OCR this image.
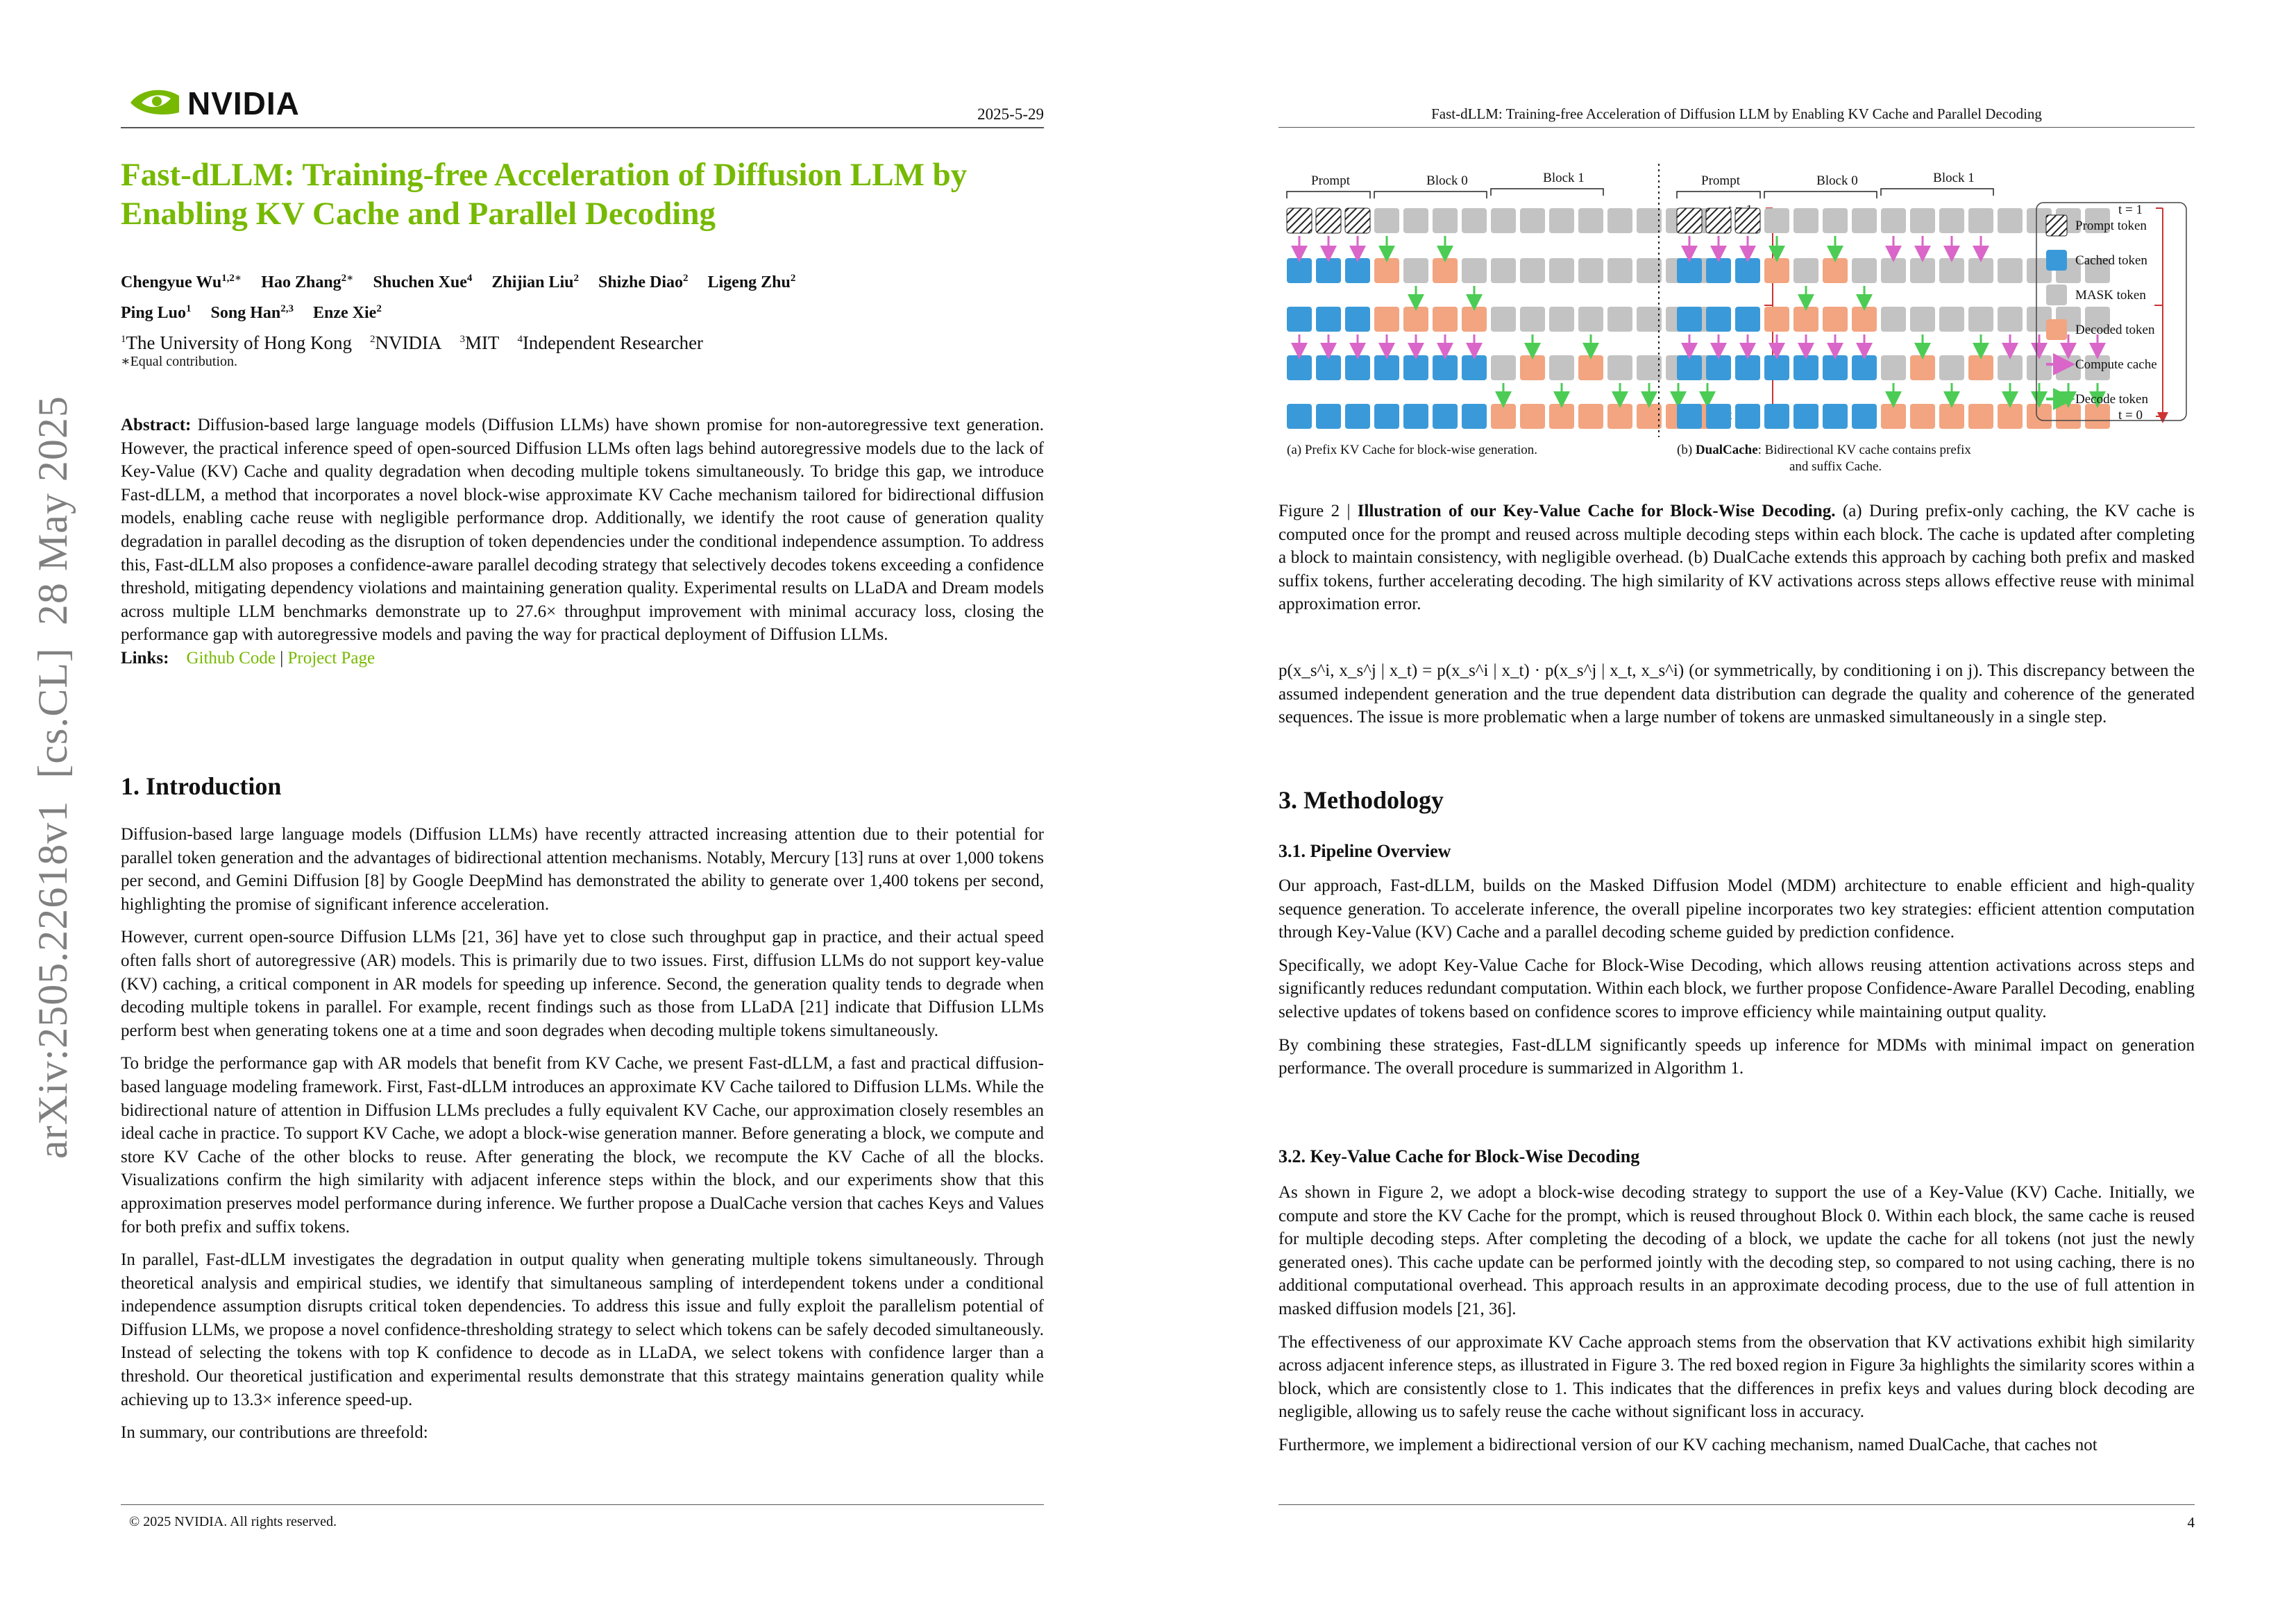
arXiv:2505.22618v1  [cs.CL]  28 May 2025
NVIDIA	2025-5-29
Fast-dLLM: Training-free Acceleration of Diffusion LLM by
Enabling KV Cache and Parallel Decoding
Chengyue $Wu^{1,2∗}$ Hao Zhang$^{2∗}$ Shuchen Xue$^4$ Zhijian Liu$^2$ Shizhe Diao$^2$ Ligeng Zhu$^2$
Ping Luo$^1$ Song Han$^{2,3}$ Enze Xie$^2$
$^1$The University of Hong Kong $^2$NVIDIA $^3$MIT $^4$Independent Researcher
∗Equal contribution.

Abstract: Diffusion-based large language models (Diffusion LLMs) have shown promise for non-autoregressive text generation. However, the practical inference speed of open-sourced Diffusion LLMs often lags behind autoregressive models due to the lack of Key-Value (KV) Cache and quality degradation when decoding multiple tokens simultaneously. To bridge this gap, we introduce Fast-dLLM, a method that incorporates a novel block-wise approximate KV Cache mechanism tailored for bidirectional diffusion models, enabling cache reuse with negligible performance drop. Additionally, we identify the root cause of generation quality degradation in parallel decoding as the disruption of token dependencies under the conditional independence assumption. To address this, Fast-dLLM also proposes a confidence-aware parallel decoding strategy that selectively decodes tokens exceeding a confidence threshold, mitigating dependency violations and maintaining generation quality. Experimental results on LLaDA and Dream models across multiple LLM benchmarks demonstrate up to 27.6× throughput improvement with minimal accuracy loss, closing the performance gap with autoregressive models and paving the way for practical deployment of Diffusion LLMs.

Links: Github Code | Project Page

1. Introduction

Diffusion-based large language models (Diffusion LLMs) have recently attracted increasing attention due to their potential for parallel token generation and the advantages of bidirectional attention mechanisms. Notably, Mercury [13] runs at over 1,000 tokens per second, and Gemini Diffusion [8] by Google DeepMind has demonstrated the ability to generate over 1,400 tokens per second, highlighting the promise of significant inference acceleration.

However, current open-source Diffusion LLMs [21, 36] have yet to close such throughput gap in practice, and their actual speed often falls short of autoregressive (AR) models. This is primarily due to two issues. First, diffusion LLMs do not support key-value (KV) caching, a critical component in AR models for speeding up inference. Second, the generation quality tends to degrade when decoding multiple tokens in parallel. For example, recent findings such as those from LLaDA [21] indicate that Diffusion LLMs perform best when generating tokens one at a time and soon degrades when decoding multiple tokens simultaneously.

To bridge the performance gap with AR models that benefit from KV Cache, we present Fast-dLLM, a fast and practical diffusion-based language modeling framework. First, Fast-dLLM introduces an approximate KV Cache tailored to Diffusion LLMs. While the bidirectional nature of attention in Diffusion LLMs precludes a fully equivalent KV Cache, our approximation closely resembles an ideal cache in practice. To support KV Cache, we adopt a block-wise generation manner. Before generating a block, we compute and store KV Cache of the other blocks to reuse. After generating the block, we recompute the KV Cache of all the blocks. Visualizations confirm the high similarity with adjacent inference steps within the block, and our experiments show that this approximation preserves model performance during inference. We further propose a DualCache version that caches Keys and Values for both prefix and suffix tokens.

In parallel, Fast-dLLM investigates the degradation in output quality when generating multiple tokens simultaneously. Through theoretical analysis and empirical studies, we identify that simultaneous sampling of interdependent tokens under a conditional independence assumption disrupts critical token dependencies. To address this issue and fully exploit the parallelism potential of Diffusion LLMs, we propose a novel confidence-thresholding strategy to select which tokens can be safely decoded simultaneously. Instead of selecting the tokens with top K confidence to decode as in LLaDA, we select tokens with confidence larger than a threshold. Our theoretical justification and experimental results demonstrate that this strategy maintains generation quality while achieving up to 13.3× inference speed-up.

In summary, our contributions are threefold:

© 2025 NVIDIA. All rights reserved.
Fast-dLLM: Training-free Acceleration of Diffusion LLM by Enabling KV Cache and Parallel Decoding
Prompt	Block 0	Block 1	Prompt	Block 0	Block 1
t = 1
t = 0
Prompt token
Cached token
MASK token
Decoded token
Compute cache
Decode token
(a) Prefix KV Cache for block-wise generation.	(b) DualCache: Bidirectional KV cache contains prefix
and suffix Cache.
Figure 2 | Illustration of our Key-Value Cache for Block-Wise Decoding. (a) During prefix-only caching, the KV cache is computed once for the prompt and reused across multiple decoding steps within each block. The cache is updated after completing a block to maintain consistency, with negligible overhead. (b) DualCache extends this approach by caching both prefix and masked suffix tokens, further accelerating decoding. The high similarity of KV activations across steps allows effective reuse with minimal approximation error.

p(x_s^i, x_s^j | x_t) = p(x_s^i | x_t) · p(x_s^j | x_t, x_s^i) (or symmetrically, by conditioning i on j). This discrepancy between the assumed independent generation and the true dependent data distribution can degrade the quality and coherence of the generated sequences. The issue is more problematic when a large number of tokens are unmasked simultaneously in a single step.

3. Methodology
3.1. Pipeline Overview

Our approach, Fast-dLLM, builds on the Masked Diffusion Model (MDM) architecture to enable efficient and high-quality sequence generation. To accelerate inference, the overall pipeline incorporates two key strategies: efficient attention computation through Key-Value (KV) Cache and a parallel decoding scheme guided by prediction confidence.

Specifically, we adopt Key-Value Cache for Block-Wise Decoding, which allows reusing attention activations across steps and significantly reduces redundant computation. Within each block, we further propose Confidence-Aware Parallel Decoding, enabling selective updates of tokens based on confidence scores to improve efficiency while maintaining output quality.

By combining these strategies, Fast-dLLM significantly speeds up inference for MDMs with minimal impact on generation performance. The overall procedure is summarized in Algorithm 1.

3.2. Key-Value Cache for Block-Wise Decoding

As shown in Figure 2, we adopt a block-wise decoding strategy to support the use of a Key-Value (KV) Cache. Initially, we compute and store the KV Cache for the prompt, which is reused throughout Block 0. Within each block, the same cache is reused for multiple decoding steps. After completing the decoding of a block, we update the cache for all tokens (not just the newly generated ones). This cache update can be performed jointly with the decoding step, so compared to not using caching, there is no additional computational overhead. This approach results in an approximate decoding process, due to the use of full attention in masked diffusion models [21, 36].

The effectiveness of our approximate KV Cache approach stems from the observation that KV activations exhibit high similarity across adjacent inference steps, as illustrated in Figure 3. The red boxed region in Figure 3a highlights the similarity scores within a block, which are consistently close to 1. This indicates that the differences in prefix keys and values during block decoding are negligible, allowing us to safely reuse the cache without significant loss in accuracy.

Furthermore, we implement a bidirectional version of our KV caching mechanism, named DualCache, that caches not

4
